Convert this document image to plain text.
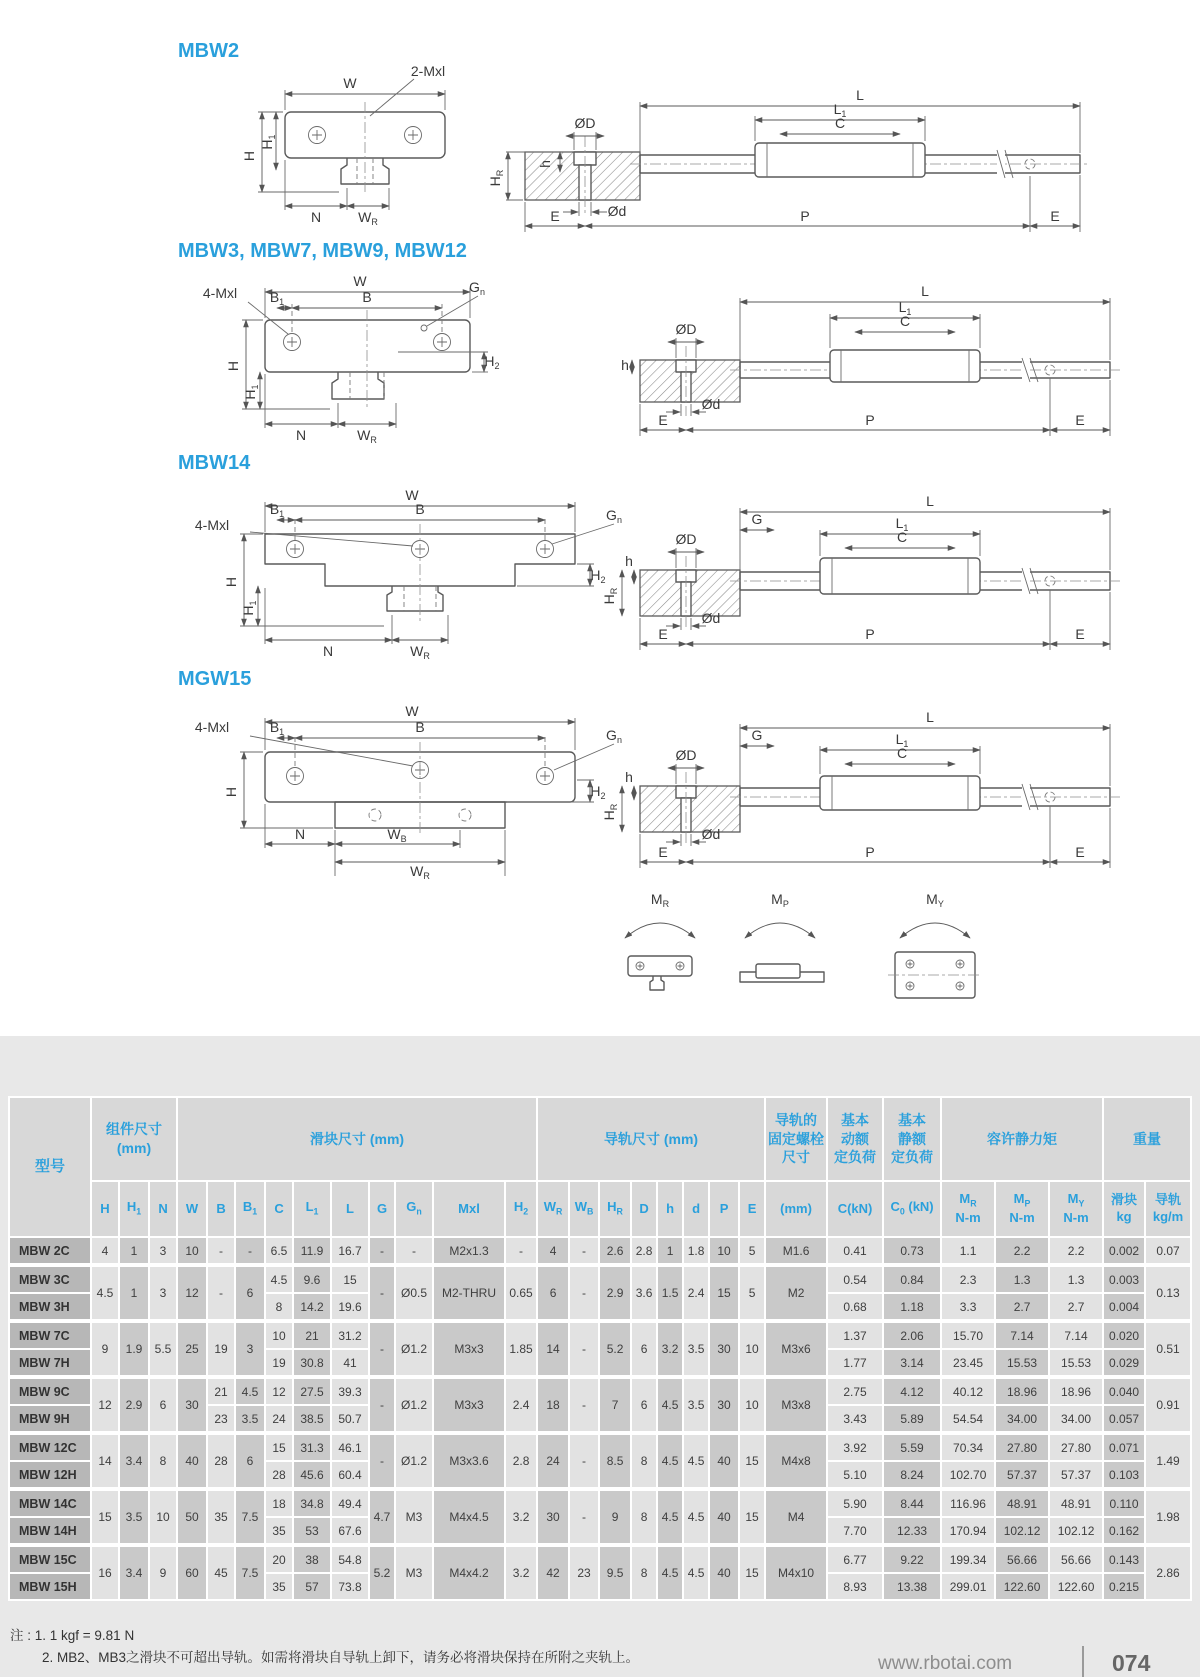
MBW2
W
2-Mxl
H
$H_1$
N	$W_R$
ØD
$H_R$
h
Ød
L
$L_1$
C
E	P	E
MBW3, MBW7, MBW9, MBW12
W
$B_1$	B
4-Mxl	$G_n$
H
$H_1$
$H_2$
N	$W_R$
ØD
h
Ød
L
$L_1$
C
E	P	E
MBW14
W
$B_1$	B
4-Mxl
$G_n$
H
$H_1$
$H_2$
N	$W_R$
ØD
$H_R$
h
Ød
L
G	$L_1$
C
E	P	E
MGW15
W
$B_1$	B
4-Mxl	$G_n$
H	$H_2$
N	$W_B$
$W_R$
ØD
$H_R$
h
Ød
L
G	$L_1$
C
E	P	E
$M_R$	$M_P$	$M_Y$
型号

组件尺寸
(mm)

滑块尺寸 (mm)	导轨尺寸 (mm)

导轨的
固定螺栓
尺寸

基本
动额
定负荷

基本
静额
定负荷

容许静力矩	重量

H	$H_1$	N	W	B	$B_1$	C	$L_1$	L	G	$G_n$	Mxl	$H_2$	$W_R$	$W_B$	$H_R$	D	h	d	P	E	(mm)	C(kN)	$C_0$ (kN)

$M_R$
N-m

$M_P$
N-m

$M_Y$
N-m

滑块
kg

导轨
kg/m

MBW 2C	4	1	3	10	-	-	6.5	11.9	16.7	-	-	M2x1.3	-	4	-	2.6	2.8	1	1.8	10	5	M1.6	0.41	0.73	1.1	2.2	2.2	0.002	0.07
MBW 3C	4.5	1	3	12	-	6	4.5	9.6	15	-	Ø0.5	M2-THRU	0.65	6	-	2.9	3.6	1.5	2.4	15	5	M2	0.54	0.84	2.3	1.3	1.3	0.003	0.13
MBW 3H							8	14.2	19.6														0.68	1.18	3.3	2.7	2.7	0.004	
MBW 7C	9	1.9	5.5	25	19	3	10	21	31.2	-	Ø1.2	M3x3	1.85	14	-	5.2	6	3.2	3.5	30	10	M3x6	1.37	2.06	15.70	7.14	7.14	0.020	0.51
MBW 7H							19	30.8	41														1.77	3.14	23.45	15.53	15.53	0.029	
MBW 9C	12	2.9	6	30	21	4.5	12	27.5	39.3	-	Ø1.2	M3x3	2.4	18	-	7	6	4.5	3.5	30	10	M3x8	2.75	4.12	40.12	18.96	18.96	0.040	0.91
MBW 9H					23	3.5	24	38.5	50.7														3.43	5.89	54.54	34.00	34.00	0.057	
MBW 12C	14	3.4	8	40	28	6	15	31.3	46.1	-	Ø1.2	M3x3.6	2.8	24	-	8.5	8	4.5	4.5	40	15	M4x8	3.92	5.59	70.34	27.80	27.80	0.071	1.49
MBW 12H							28	45.6	60.4														5.10	8.24	102.70	57.37	57.37	0.103	
MBW 14C	15	3.5	10	50	35	7.5	18	34.8	49.4	4.7	M3	M4x4.5	3.2	30	-	9	8	4.5	4.5	40	15	M4	5.90	8.44	116.96	48.91	48.91	0.110	1.98
MBW 14H							35	53	67.6														7.70	12.33	170.94	102.12	102.12	0.162	
MBW 15C	16	3.4	9	60	45	7.5	20	38	54.8	5.2	M3	M4x4.2	3.2	42	23	9.5	8	4.5	4.5	40	15	M4x10	6.77	9.22	199.34	56.66	56.66	0.143	2.86
MBW 15H							35	57	73.8														8.93	13.38	299.01	122.60	122.60	0.215	
注 : 1. 1 kgf = 9.81 N
2. MB2、MB3之滑块不可超出导轨。如需将滑块自导轨上卸下，请务必将滑块保持在所附之夹轨上。	www.rbotai.com	074
